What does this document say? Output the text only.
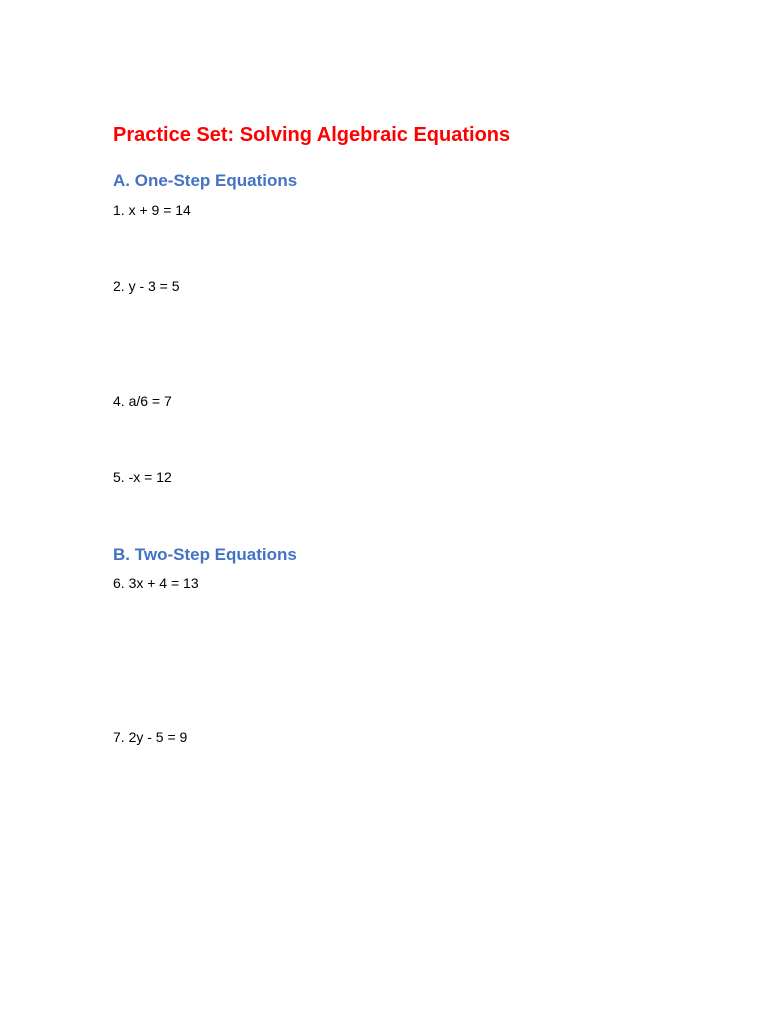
Practice Set: Solving Algebraic Equations
A. One-Step Equations

1. x + 9 = 14

2. y - 3 = 5

4. a/6 = 7

5. -x = 12

B. Two-Step Equations

6. 3x + 4 = 13

7. 2y - 5 = 9
